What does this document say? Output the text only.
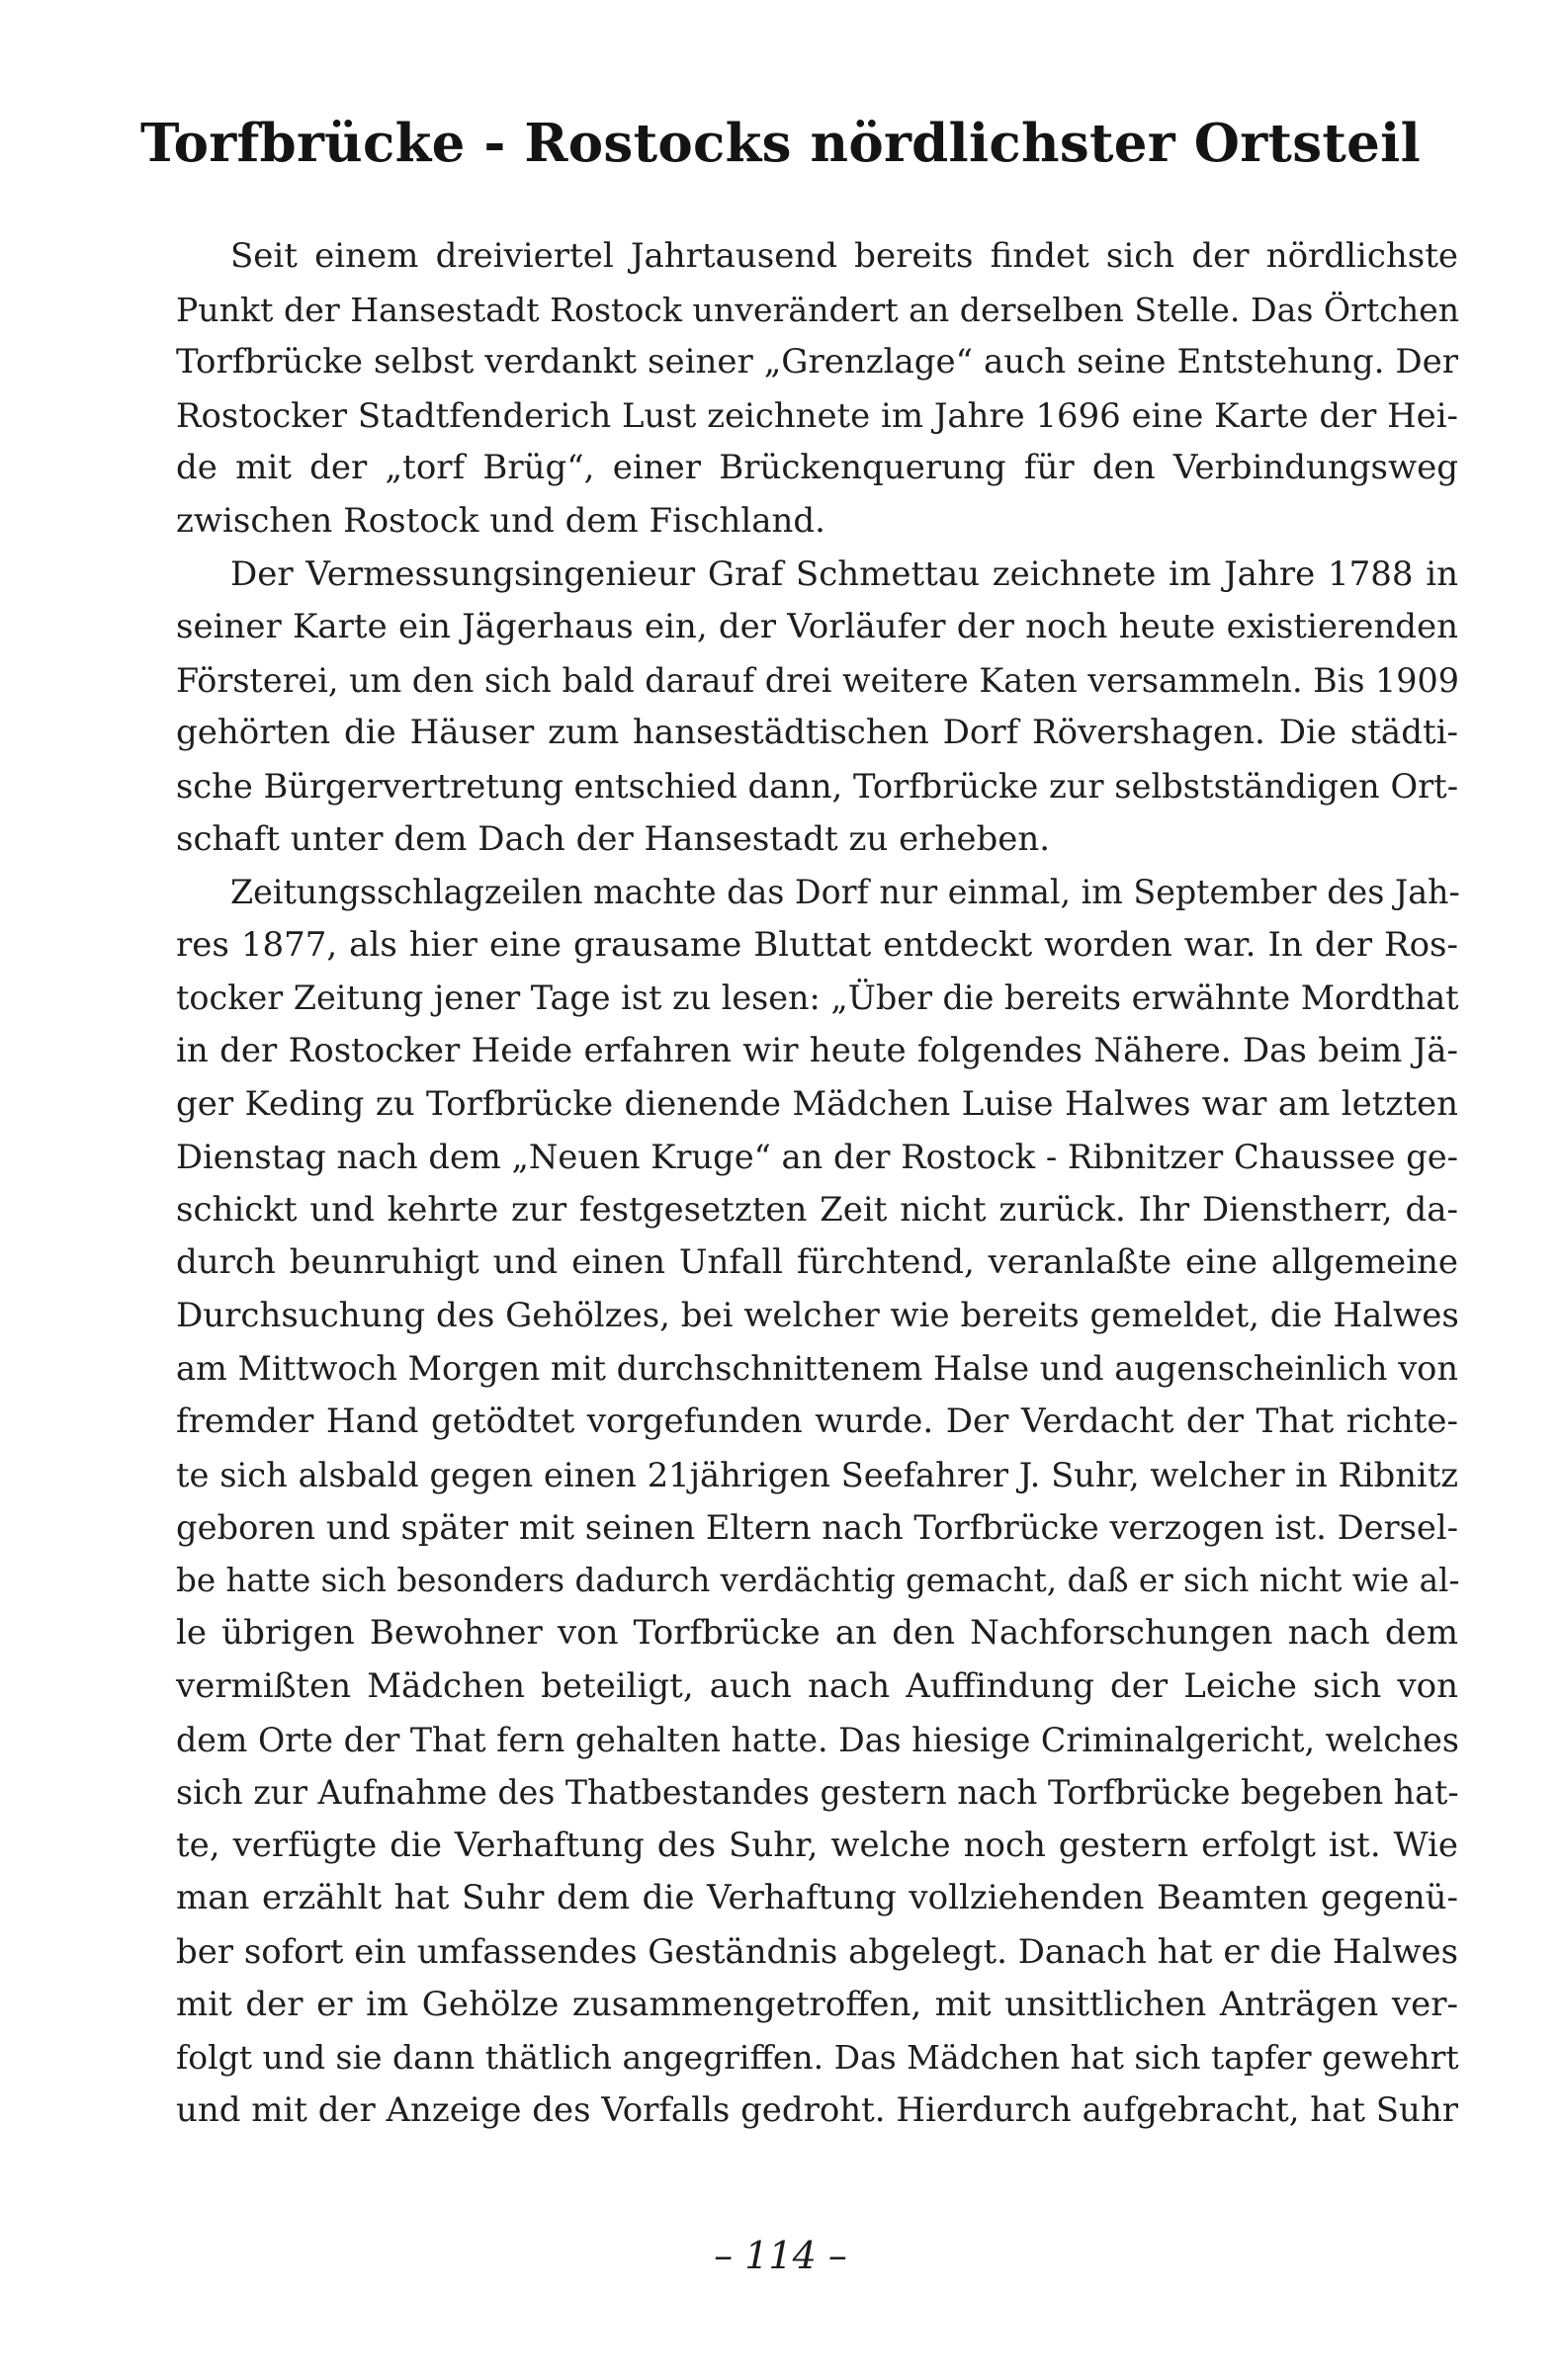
Torfbrücke - Rostocks nördlichster Ortsteil
Seit einem dreiviertel Jahrtausend bereits findet sich der nördlichste
Punkt der Hansestadt Rostock unverändert an derselben Stelle. Das Örtchen
Torfbrücke selbst verdankt seiner „Grenzlage“ auch seine Entstehung. Der
Rostocker Stadtfenderich Lust zeichnete im Jahre 1696 eine Karte der Hei-
de mit der „torf Brüg“, einer Brückenquerung für den Verbindungsweg
zwischen Rostock und dem Fischland.
Der Vermessungsingenieur Graf Schmettau zeichnete im Jahre 1788 in
seiner Karte ein Jägerhaus ein, der Vorläufer der noch heute existierenden
Försterei, um den sich bald darauf drei weitere Katen versammeln. Bis 1909
gehörten die Häuser zum hansestädtischen Dorf Rövershagen. Die städti-
sche Bürgervertretung entschied dann, Torfbrücke zur selbstständigen Ort-
schaft unter dem Dach der Hansestadt zu erheben.
Zeitungsschlagzeilen machte das Dorf nur einmal, im September des Jah-
res 1877, als hier eine grausame Bluttat entdeckt worden war. In der Ros-
tocker Zeitung jener Tage ist zu lesen: „Über die bereits erwähnte Mordthat
in der Rostocker Heide erfahren wir heute folgendes Nähere. Das beim Jä-
ger Keding zu Torfbrücke dienende Mädchen Luise Halwes war am letzten
Dienstag nach dem „Neuen Kruge“ an der Rostock - Ribnitzer Chaussee ge-
schickt und kehrte zur festgesetzten Zeit nicht zurück. Ihr Dienstherr, da-
durch beunruhigt und einen Unfall fürchtend, veranlaßte eine allgemeine
Durchsuchung des Gehölzes, bei welcher wie bereits gemeldet, die Halwes
am Mittwoch Morgen mit durchschnittenem Halse und augenscheinlich von
fremder Hand getödtet vorgefunden wurde. Der Verdacht der That richte-
te sich alsbald gegen einen 21jährigen Seefahrer J. Suhr, welcher in Ribnitz
geboren und später mit seinen Eltern nach Torfbrücke verzogen ist. Dersel-
be hatte sich besonders dadurch verdächtig gemacht, daß er sich nicht wie al-
le übrigen Bewohner von Torfbrücke an den Nachforschungen nach dem
vermißten Mädchen beteiligt, auch nach Auffindung der Leiche sich von
dem Orte der That fern gehalten hatte. Das hiesige Criminalgericht, welches
sich zur Aufnahme des Thatbestandes gestern nach Torfbrücke begeben hat-
te, verfügte die Verhaftung des Suhr, welche noch gestern erfolgt ist. Wie
man erzählt hat Suhr dem die Verhaftung vollziehenden Beamten gegenü-
ber sofort ein umfassendes Geständnis abgelegt. Danach hat er die Halwes
mit der er im Gehölze zusammengetroffen, mit unsittlichen Anträgen ver-
folgt und sie dann thätlich angegriffen. Das Mädchen hat sich tapfer gewehrt
und mit der Anzeige des Vorfalls gedroht. Hierdurch aufgebracht, hat Suhr
– 114 –
